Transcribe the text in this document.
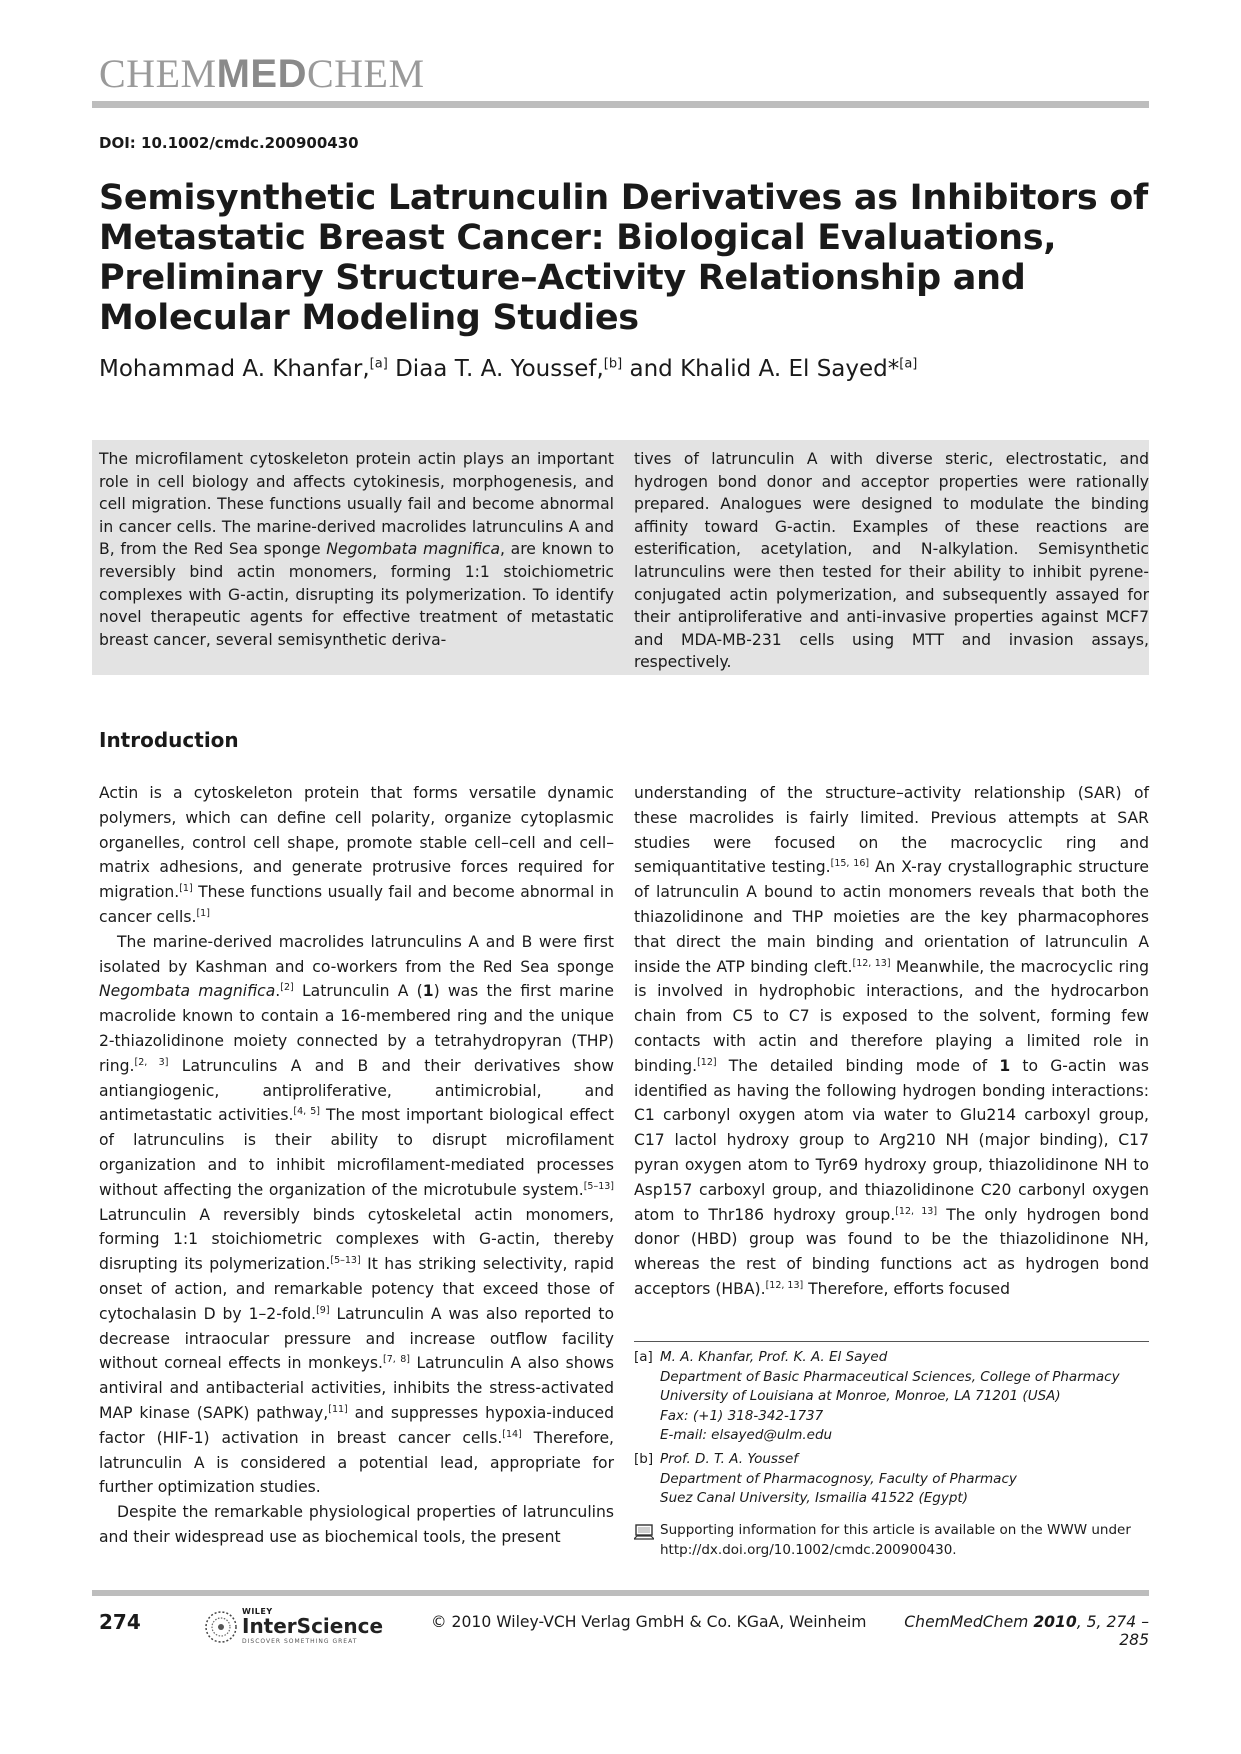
CHEMMEDCHEM
DOI: 10.1002/cmdc.200900430
Semisynthetic Latrunculin Derivatives as Inhibitors of Metastatic Breast Cancer: Biological Evaluations, Preliminary Structure–Activity Relationship and Molecular Modeling Studies
Mohammad A. Khanfar,[a] Diaa T. A. Youssef,[b] and Khalid A. El Sayed*[a]

The microfilament cytoskeleton protein actin plays an important role in cell biology and affects cytokinesis, morphogenesis, and cell migration. These functions usually fail and become abnormal in cancer cells. The marine-derived macrolides latrunculins A and B, from the Red Sea sponge Negombata magnifica, are known to reversibly bind actin monomers, forming 1:1 stoichiometric complexes with G-actin, disrupting its polymerization. To identify novel therapeutic agents for effective treatment of metastatic breast cancer, several semisynthetic deriva-

tives of latrunculin A with diverse steric, electrostatic, and hydrogen bond donor and acceptor properties were rationally prepared. Analogues were designed to modulate the binding affinity toward G-actin. Examples of these reactions are esterification, acetylation, and N-alkylation. Semisynthetic latrunculins were then tested for their ability to inhibit pyrene-conjugated actin polymerization, and subsequently assayed for their antiproliferative and anti-invasive properties against MCF7 and MDA-MB-231 cells using MTT and invasion assays, respectively.

Introduction

Actin is a cytoskeleton protein that forms versatile dynamic polymers, which can define cell polarity, organize cytoplasmic organelles, control cell shape, promote stable cell–cell and cell–matrix adhesions, and generate protrusive forces required for migration.[1] These functions usually fail and become abnormal in cancer cells.[1]

The marine-derived macrolides latrunculins A and B were first isolated by Kashman and co-workers from the Red Sea sponge Negombata magnifica.[2] Latrunculin A (1) was the first marine macrolide known to contain a 16-membered ring and the unique 2-thiazolidinone moiety connected by a tetrahydropyran (THP) ring.[2, 3] Latrunculins A and B and their derivatives show antiangiogenic, antiproliferative, antimicrobial, and antimetastatic activities.[4, 5] The most important biological effect of latrunculins is their ability to disrupt microfilament organization and to inhibit microfilament-mediated processes without affecting the organization of the microtubule system.[5–13] Latrunculin A reversibly binds cytoskeletal actin monomers, forming 1:1 stoichiometric complexes with G-actin, thereby disrupting its polymerization.[5–13] It has striking selectivity, rapid onset of action, and remarkable potency that exceed those of cytochalasin D by 1–2-fold.[9] Latrunculin A was also reported to decrease intraocular pressure and increase outflow facility without corneal effects in monkeys.[7, 8] Latrunculin A also shows antiviral and antibacterial activities, inhibits the stress-activated MAP kinase (SAPK) pathway,[11] and suppresses hypoxia-induced factor (HIF-1) activation in breast cancer cells.[14] Therefore, latrunculin A is considered a potential lead, appropriate for further optimization studies.

Despite the remarkable physiological properties of latrunculins and their widespread use as biochemical tools, the present

understanding of the structure–activity relationship (SAR) of these macrolides is fairly limited. Previous attempts at SAR studies were focused on the macrocyclic ring and semiquantitative testing.[15, 16] An X-ray crystallographic structure of latrunculin A bound to actin monomers reveals that both the thiazolidinone and THP moieties are the key pharmacophores that direct the main binding and orientation of latrunculin A inside the ATP binding cleft.[12, 13] Meanwhile, the macrocyclic ring is involved in hydrophobic interactions, and the hydrocarbon chain from C5 to C7 is exposed to the solvent, forming few contacts with actin and therefore playing a limited role in binding.[12] The detailed binding mode of 1 to G-actin was identified as having the following hydrogen bonding interactions: C1 carbonyl oxygen atom via water to Glu214 carboxyl group, C17 lactol hydroxy group to Arg210 NH (major binding), C17 pyran oxygen atom to Tyr69 hydroxy group, thiazolidinone NH to Asp157 carboxyl group, and thiazolidinone C20 carbonyl oxygen atom to Thr186 hydroxy group.[12, 13] The only hydrogen bond donor (HBD) group was found to be the thiazolidinone NH, whereas the rest of binding functions act as hydrogen bond acceptors (HBA).[12, 13] Therefore, efforts focused

[a] M. A. Khanfar, Prof. K. A. El Sayed
Department of Basic Pharmaceutical Sciences, College of Pharmacy
University of Louisiana at Monroe, Monroe, LA 71201 (USA)
Fax: (+1) 318-342-1737
E-mail: elsayed@ulm.edu
[b] Prof. D. T. A. Youssef
Department of Pharmacognosy, Faculty of Pharmacy
Suez Canal University, Ismailia 41522 (Egypt)
Supporting information for this article is available on the WWW under
http://dx.doi.org/10.1002/cmdc.200900430.
274	WILEY
InterScience
DISCOVER SOMETHING GREAT
© 2010 Wiley-VCH Verlag GmbH & Co. KGaA, Weinheim ChemMedChem 2010, 5, 274 – 285
